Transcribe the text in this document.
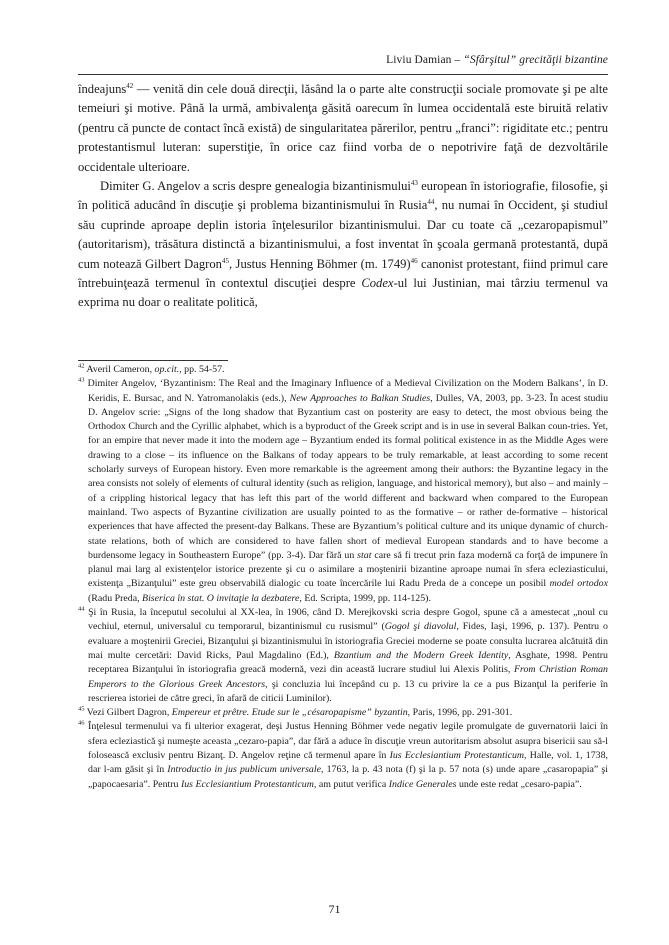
Liviu Damian – “Sfârşitul” grecităţii bizantine

îndeajuns$^{42}$ — venită din cele două direcţii, lăsând la o parte alte construcţii sociale promovate şi pe alte temeiuri şi motive. Până la urmă, ambivalenţa găsită oarecum în lumea occidentală este biruită relativ (pentru că puncte de contact încă există) de singularitatea părerilor, pentru „franci”: rigiditate etc.; pentru protestantismul luteran: superstiţie, în orice caz fiind vorba de o nepotrivire faţă de dezvoltările occidentale ulterioare.

Dimiter G. Angelov a scris despre genealogia bizantinismului$^{43}$ european în istoriografie, filosofie, şi în politică aducând în discuţie şi problema bizantinismului în Rusia$^{44}$, nu numai în Occident, şi studiul său cuprinde aproape deplin istoria înţelesurilor bizantinismului. Dar cu toate că „cezaropapismul” (autoritarism), trăsătura distinctă a bizantinismului, a fost inventat în şcoala germană protestantă, după cum notează Gilbert Dagron$^{45}$, Justus Henning Böhmer (m. 1749)$^{46}$ canonist protestant, fiind primul care întrebuinţează termenul în contextul discuţiei despre Codex-ul lui Justinian, mai târziu termenul va exprima nu doar o realitate politică,

$^{42}$ Averil Cameron, op.cit., pp. 54-57.

$^{43}$ Dimiter Angelov, ‘Byzantinism: The Real and the Imaginary Influence of a Medieval Civilization on the Modern Balkans’, în D. Keridis, E. Bursac, and N. Yatromanolakis (eds.), New Approaches to Balkan Studies, Dulles, VA, 2003, pp. 3-23. În acest studiu D. Angelov scrie: „Signs of the long shadow that Byzantium cast on posterity are easy to detect, the most obvious being the Orthodox Church and the Cyrillic alphabet, which is a byproduct of the Greek script and is in use in several Balkan coun-tries. Yet, for an empire that never made it into the modern age – Byzantium ended its formal political existence in as the Middle Ages were drawing to a close – its influence on the Balkans of today appears to be truly remarkable, at least according to some recent scholarly surveys of European history. Even more remarkable is the agreement among their authors: the Byzantine legacy in the area consists not solely of elements of cultural identity (such as religion, language, and historical memory), but also – and mainly – of a crippling historical legacy that has left this part of the world different and backward when compared to the European mainland. Two aspects of Byzantine civilization are usually pointed to as the formative – or rather de-formative – historical experiences that have affected the present-day Balkans. These are Byzantium’s political culture and its unique dynamic of church-state relations, both of which are considered to have fallen short of medieval European standards and to have become a burdensome legacy in Southeastern Europe” (pp. 3-4). Dar fără un stat care să fi trecut prin faza modernă ca forţă de impunere în planul mai larg al existenţelor istorice prezente şi cu o asimilare a moştenirii bizantine aproape numai în sfera ecleziasticului, existenţa „Bizanţului” este greu observabilă dialogic cu toate încercările lui Radu Preda de a concepe un posibil model ortodox (Radu Preda, Biserica în stat. O invitaţie la dezbatere, Ed. Scripta, 1999, pp. 114-125).

$^{44}$ Şi în Rusia, la începutul secolului al XX-lea, în 1906, când D. Merejkovski scria despre Gogol, spune că a amestecat „noul cu vechiul, eternul, universalul cu temporarul, bizantinismul cu rusismul” (Gogol şi diavolul, Fides, Iaşi, 1996, p. 137). Pentru o evaluare a moştenirii Greciei, Bizanţului şi bizantinismului în istoriografia Greciei moderne se poate consulta lucrarea alcătuită din mai multe cercetări: David Ricks, Paul Magdalino (Ed.), Bzantium and the Modern Greek Identity, Asghate, 1998. Pentru receptarea Bizanţului în istoriografia greacă modernă, vezi din această lucrare studiul lui Alexis Politis, From Christian Roman Emperors to the Glorious Greek Ancestors, şi concluzia lui începând cu p. 13 cu privire la ce a pus Bizanţul la periferie în rescrierea istoriei de către greci, în afară de citicii Luminilor).

$^{45}$ Vezi Gilbert Dagron, Empereur et prêtre. Etude sur le „césaropapisme” byzantin, Paris, 1996, pp. 291-301.

$^{46}$ Înţelesul termenului va fi ulterior exagerat, deşi Justus Henning Böhmer vede negativ legile promulgate de guvernatorii laici în sfera ecleziastică şi numeşte aceasta „cezaro-papia”, dar fără a aduce în discuţie vreun autoritarism absolut asupra bisericii sau să-l folosească exclusiv pentru Bizanţ. D. Angelov reţine că termenul apare în Ius Ecclesiantium Protestanticum, Halle, vol. 1, 1738, dar l-am găsit şi în Introductio in jus publicum universale, 1763, la p. 43 nota (f) şi la p. 57 nota (s) unde apare „casaropapia” şi „papocaesaria”. Pentru Ius Ecclesiantium Protestanticum, am putut verifica Indice Generales unde este redat „cesaro-papia”.

71
